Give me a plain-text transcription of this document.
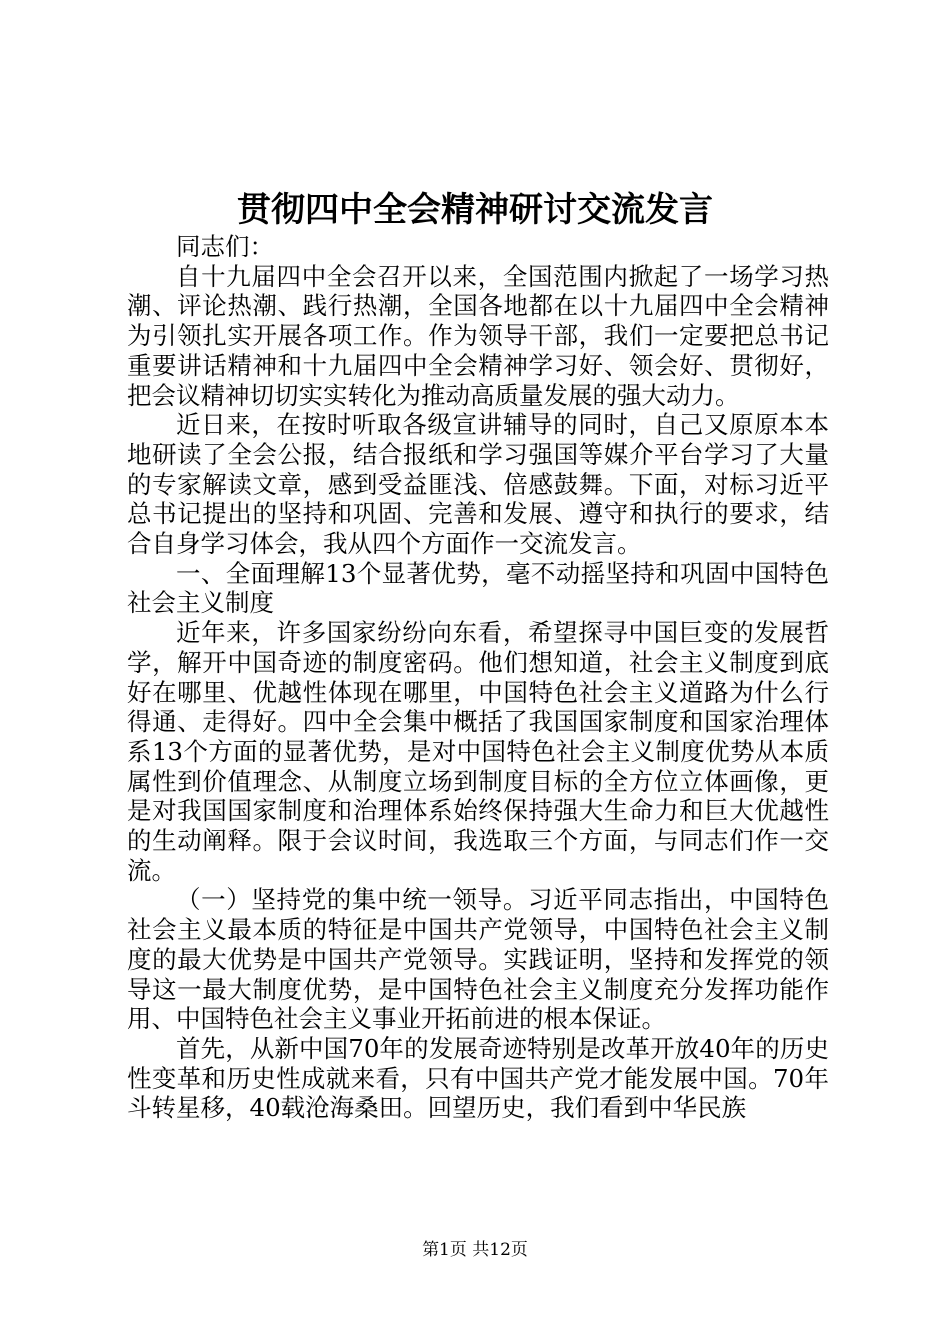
贯彻四中全会精神研讨交流发言

同志们：

自十九届四中全会召开以来，全国范围内掀起了一场学习热潮、评论热潮、践行热潮，全国各地都在以十九届四中全会精神为引领扎实开展各项工作。作为领导干部，我们一定要把总书记重要讲话精神和十九届四中全会精神学习好、领会好、贯彻好，把会议精神切切实实转化为推动高质量发展的强大动力。

近日来，在按时听取各级宣讲辅导的同时，自己又原原本本地研读了全会公报，结合报纸和学习强国等媒介平台学习了大量的专家解读文章，感到受益匪浅、倍感鼓舞。下面，对标习近平总书记提出的坚持和巩固、完善和发展、遵守和执行的要求，结合自身学习体会，我从四个方面作一交流发言。

一、全面理解13个显著优势，毫不动摇坚持和巩固中国特色社会主义制度

近年来，许多国家纷纷向东看，希望探寻中国巨变的发展哲学，解开中国奇迹的制度密码。他们想知道，社会主义制度到底好在哪里、优越性体现在哪里，中国特色社会主义道路为什么行得通、走得好。四中全会集中概括了我国国家制度和国家治理体系13个方面的显著优势，是对中国特色社会主义制度优势从本质属性到价值理念、从制度立场到制度目标的全方位立体画像，更是对我国国家制度和治理体系始终保持强大生命力和巨大优越性的生动阐释。限于会议时间，我选取三个方面，与同志们作一交流。

（一）坚持党的集中统一领导。习近平同志指出，中国特色社会主义最本质的特征是中国共产党领导，中国特色社会主义制度的最大优势是中国共产党领导。实践证明，坚持和发挥党的领导这一最大制度优势，是中国特色社会主义制度充分发挥功能作用、中国特色社会主义事业开拓前进的根本保证。

首先，从新中国70年的发展奇迹特别是改革开放40年的历史性变革和历史性成就来看，只有中国共产党才能发展中国。70年斗转星移，40载沧海桑田。回望历史，我们看到中华民族

第1页 共12页
